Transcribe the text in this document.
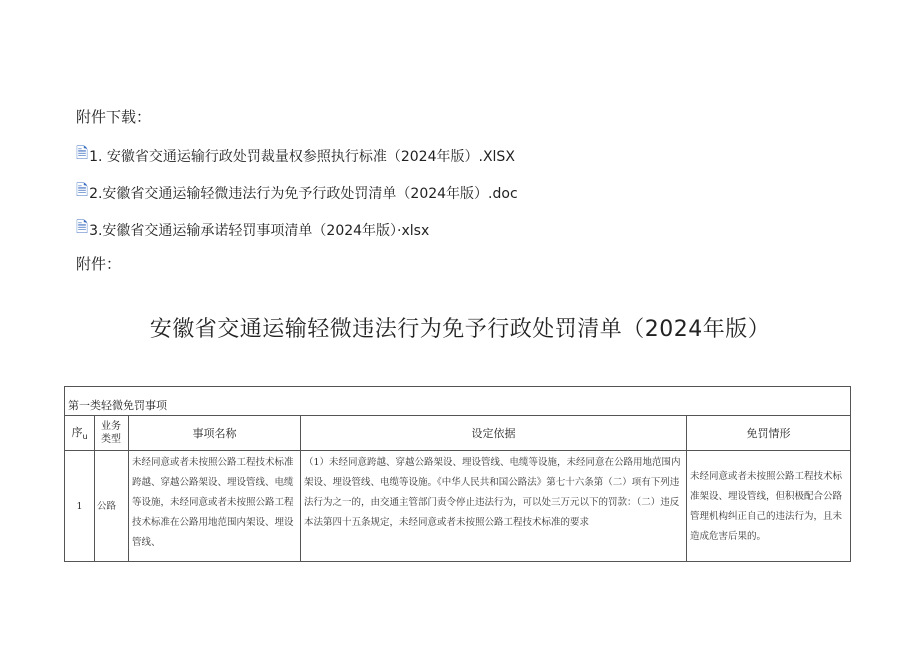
附件下载：
🗎 1. 安徽省交通运输行政处罚裁量权参照执行标准（2024年版）.XlSX
🗎 2.安徽省交通运输轻微违法行为免予行政处罚清单（2024年版）.doc
🗎 3.安徽省交通运输承诺轻罚事项清单（2024年版）·xlsx
附件：
安徽省交通运输轻微违法行为免予行政处罚清单（2024年版）
第一类轻微免罚事项				
序$_u$	业务类型	事项名称	设定依据	免罚情形
1	公路	未经同意或者未按照公路工程技术标准跨越、穿越公路架设、埋设管线、电缆等设施，未经同意或者未按照公路工程技术标准在公路用地范围内架设、埋设管线、	（1）未经同意跨越、穿越公路架设、埋设管线、电缆等设施，未经同意在公路用地范围内架设、埋设管线、电缆等设施。《中华人民共和国公路法》第七十六条第（二）项有下列违法行为之一的，由交通主管部门责令停止违法行为，可以处三万元以下的罚款：（二）违反本法第四十五条规定，未经同意或者未按照公路工程技术标准的要求	未经同意或者未按照公路工程技术标准架设、埋设管线，但积极配合公路管理机构纠正自己的违法行为，且未造成危害后果的。
